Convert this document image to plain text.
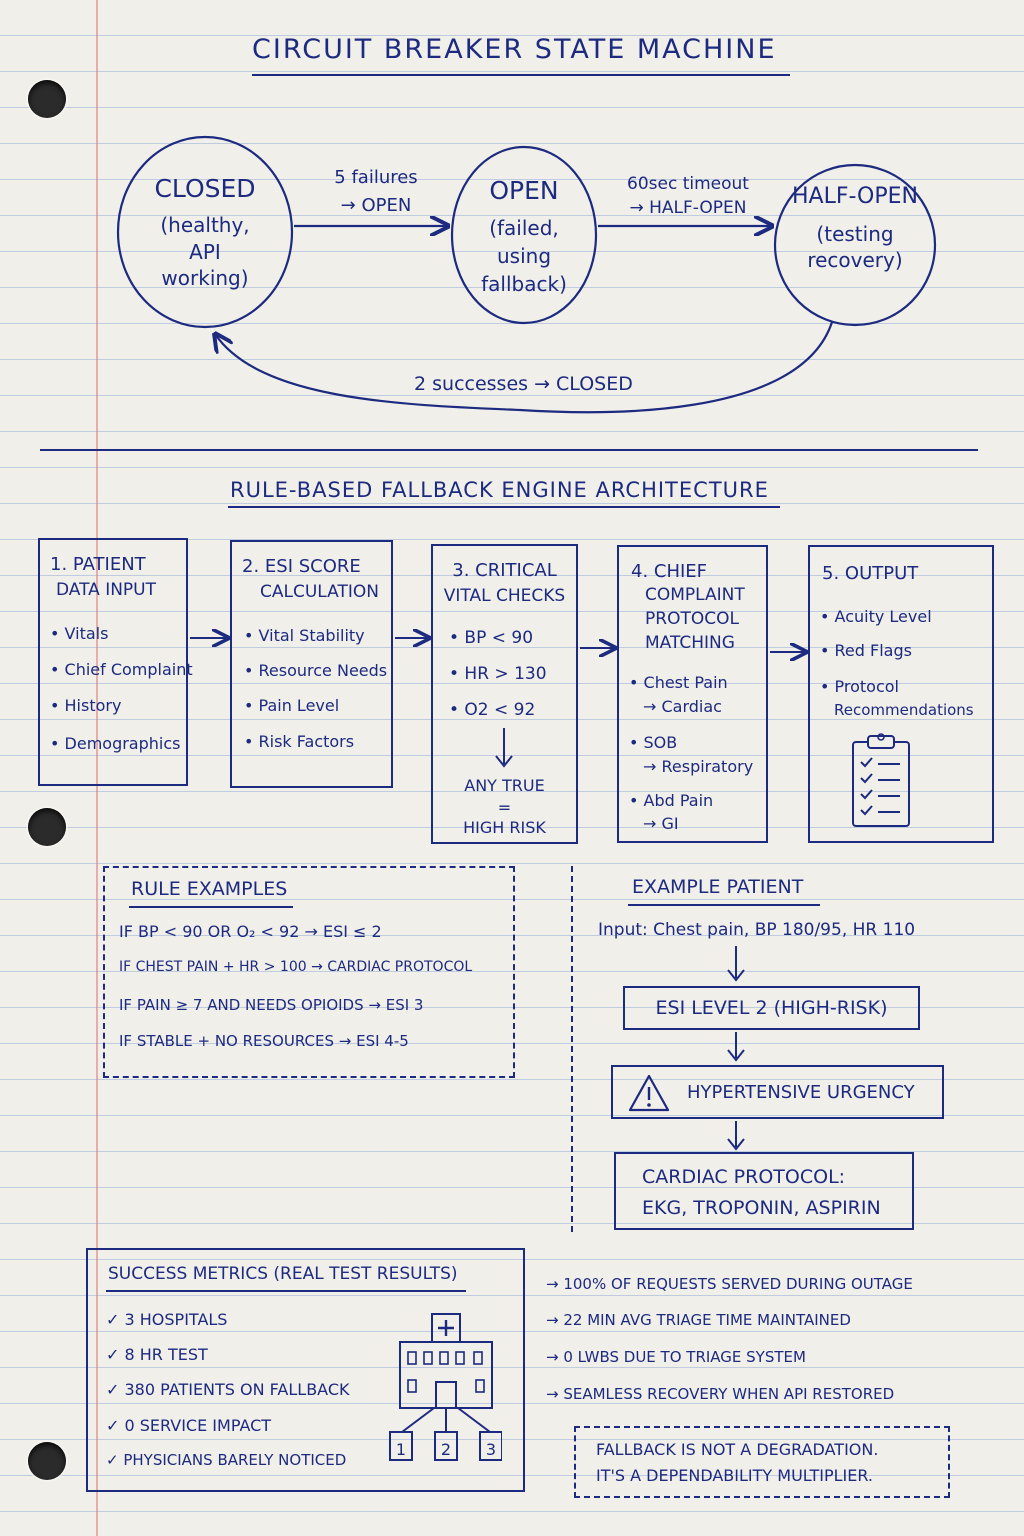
CIRCUIT BREAKER STATE MACHINE
CLOSED
(healthy,
API
working)
OPEN
(failed,
using
fallback)
HALF-OPEN
(testing
recovery)
5 failures
→ OPEN
60sec timeout
→ HALF-OPEN
2 successes → CLOSED
RULE-BASED FALLBACK ENGINE ARCHITECTURE
1. PATIENT
DATA INPUT
• Vitals
• Chief Complaint
• History
• Demographics
2. ESI SCORE
CALCULATION
• Vital Stability
• Resource Needs
• Pain Level
• Risk Factors
3. CRITICAL
VITAL CHECKS
• BP < 90
• HR > 130
• O2 < 92
ANY TRUE
=
HIGH RISK
4. CHIEF
COMPLAINT
PROTOCOL
MATCHING
• Chest Pain
→ Cardiac
• SOB
→ Respiratory
• Abd Pain
→ GI
5. OUTPUT
• Acuity Level
• Red Flags
• Protocol
Recommendations
RULE EXAMPLES
IF BP < 90 OR O₂ < 92 → ESI ≤ 2
IF CHEST PAIN + HR > 100 → CARDIAC PROTOCOL
IF PAIN ≥ 7 AND NEEDS OPIOIDS → ESI 3
IF STABLE + NO RESOURCES → ESI 4-5
EXAMPLE PATIENT
Input: Chest pain, BP 180/95, HR 110
ESI LEVEL 2 (HIGH-RISK)
HYPERTENSIVE URGENCY
CARDIAC PROTOCOL:
EKG, TROPONIN, ASPIRIN
SUCCESS METRICS (REAL TEST RESULTS)
✓ 3 HOSPITALS
✓ 8 HR TEST
✓ 380 PATIENTS ON FALLBACK
✓ 0 SERVICE IMPACT
✓ PHYSICIANS BARELY NOTICED
1	2	3
→ 100% OF REQUESTS SERVED DURING OUTAGE
→ 22 MIN AVG TRIAGE TIME MAINTAINED
→ 0 LWBS DUE TO TRIAGE SYSTEM
→ SEAMLESS RECOVERY WHEN API RESTORED
FALLBACK IS NOT A DEGRADATION.
IT'S A DEPENDABILITY MULTIPLIER.
